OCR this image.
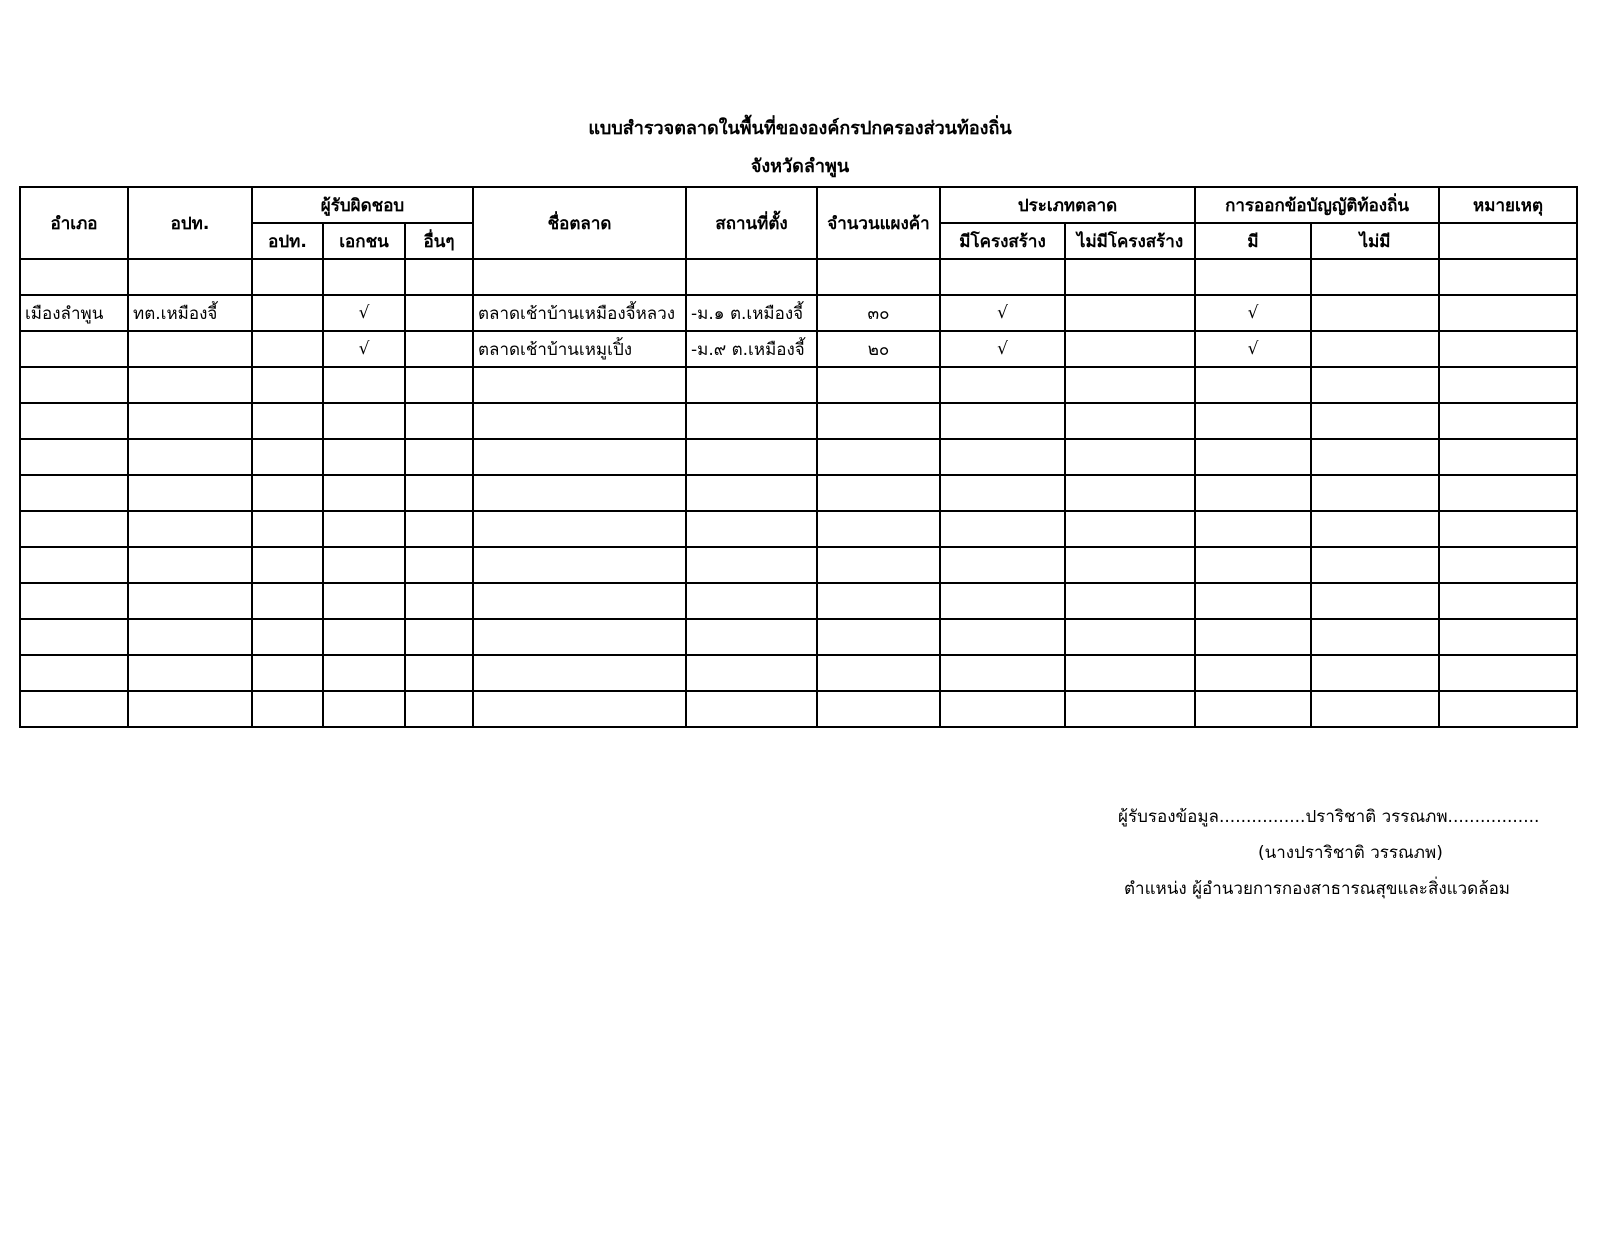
แบบสำรวจตลาดในพื้นที่ขององค์กรปกครองส่วนท้องถิ่น
จังหวัดลำพูน
อำเภอ	อปท.	ผู้รับผิดชอบ			ชื่อตลาด	สถานที่ตั้ง	จำนวนแผงค้า	ประเภทตลาด		การออกข้อบัญญัติท้องถิ่น		หมายเหตุ
		อปท.	เอกชน	อื่นๆ				มีโครงสร้าง	ไม่มีโครงสร้าง	มี	ไม่มี	

เมืองลำพูน	ทต.เหมืองจี้		√		ตลาดเช้าบ้านเหมืองจี้หลวง	-ม.๑ ต.เหมืองจี้	๓๐	√		√		
			√		ตลาดเช้าบ้านเหมูเปิ้ง	-ม.๙ ต.เหมืองจี้	๒๐	√		√		

ผู้รับรองข้อมูล................ปราริชาติ วรรณภพ.................
(นางปราริชาติ วรรณภพ)
ตำแหน่ง ผู้อำนวยการกองสาธารณสุขและสิ่งแวดล้อม
